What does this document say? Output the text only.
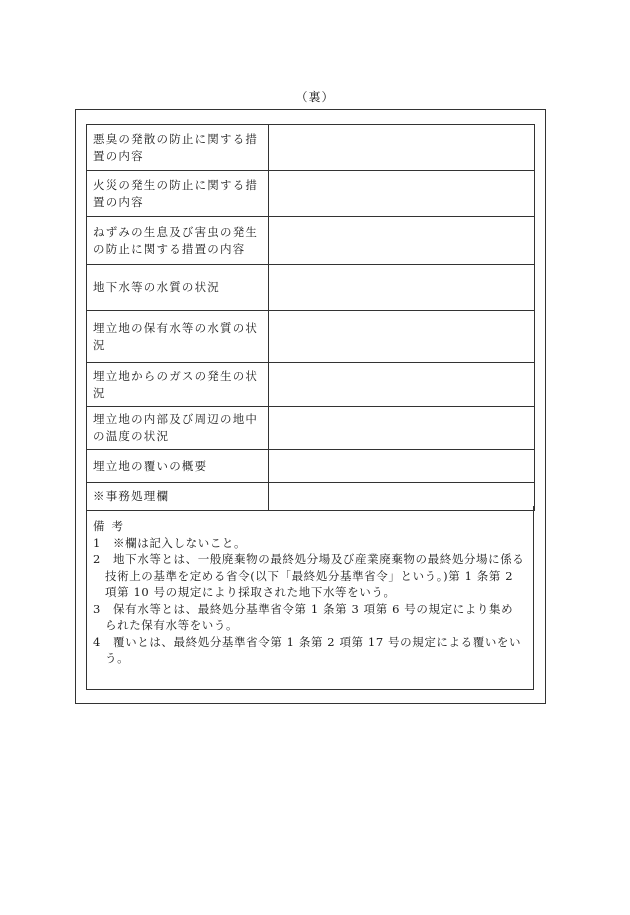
（裏）
悪臭の発散の防止に関する措置の内容	
火災の発生の防止に関する措置の内容	
ねずみの生息及び害虫の発生の防止に関する措置の内容	
地下水等の水質の状況	
埋立地の保有水等の水質の状況	
埋立地からのガスの発生の状況	
埋立地の内部及び周辺の地中の温度の状況	
埋立地の覆いの概要	
※事務処理欄	
備考
1　※欄は記入しないこと。
2　地下水等とは、一般廃棄物の最終処分場及び産業廃棄物の最終処分場に係る技術上の基準を定める省令(以下「最終処分基準省令」という。)第 1 条第 2 項第 10 号の規定により採取された地下水等をいう。
3　保有水等とは、最終処分基準省令第 1 条第 3 項第 6 号の規定により集められた保有水等をいう。
4　覆いとは、最終処分基準省令第 1 条第 2 項第 17 号の規定による覆いをいう。
